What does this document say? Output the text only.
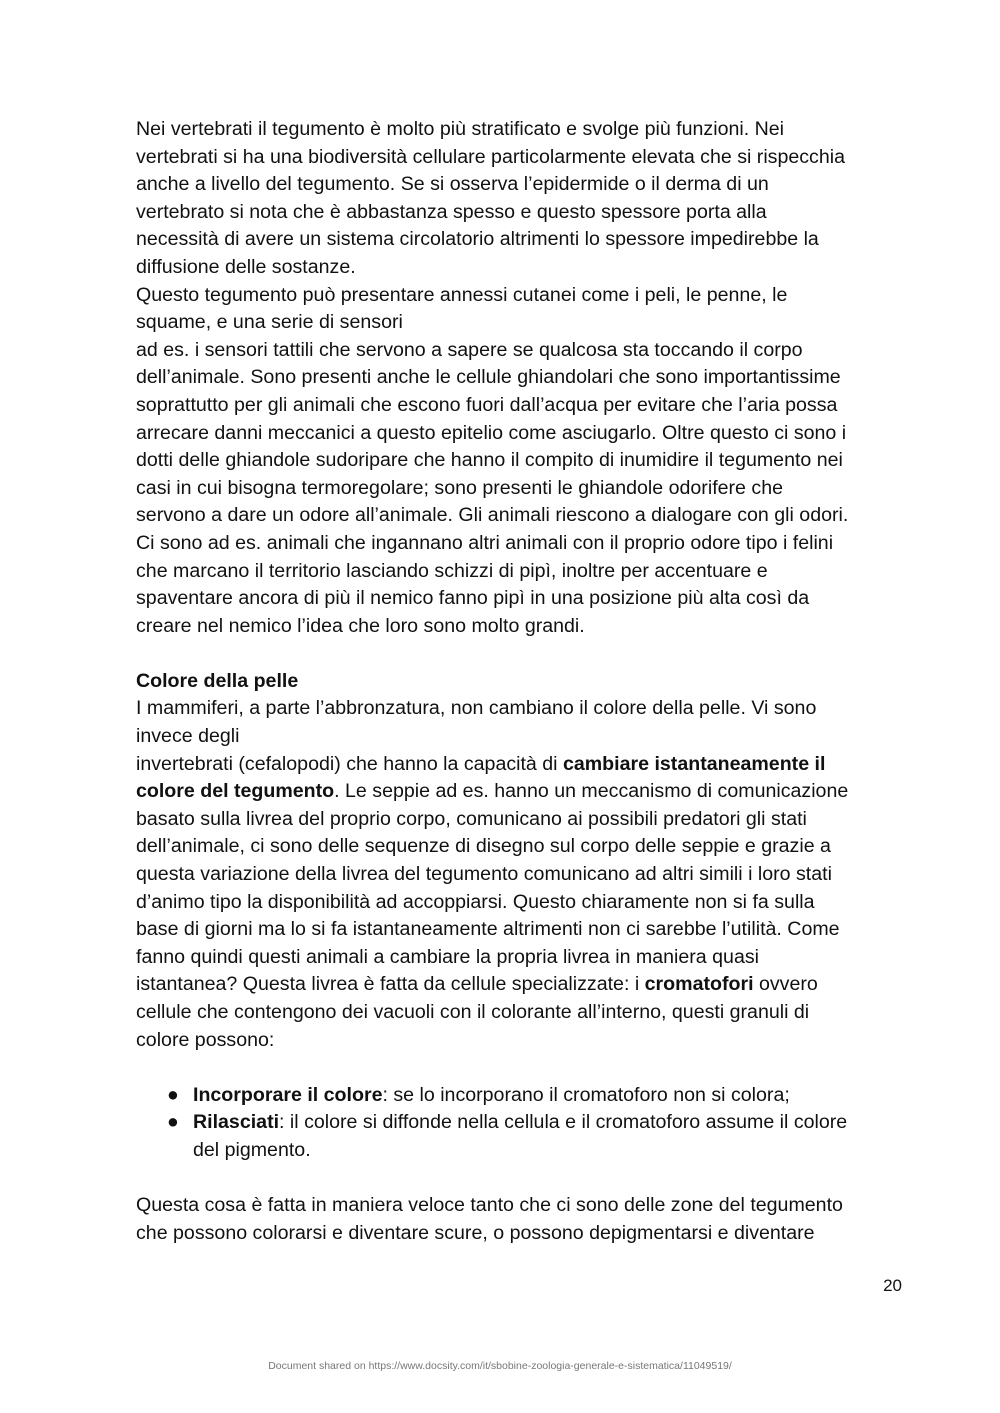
Nei vertebrati il tegumento è molto più stratificato e svolge più funzioni. Nei
vertebrati si ha una biodiversità cellulare particolarmente elevata che si rispecchia
anche a livello del tegumento. Se si osserva l’epidermide o il derma di un
vertebrato si nota che è abbastanza spesso e questo spessore porta alla
necessità di avere un sistema circolatorio altrimenti lo spessore impedirebbe la
diffusione delle sostanze.

Questo tegumento può presentare annessi cutanei come i peli, le penne, le
squame, e una serie di sensori
ad es. i sensori tattili che servono a sapere se qualcosa sta toccando il corpo
dell’animale. Sono presenti anche le cellule ghiandolari che sono importantissime
soprattutto per gli animali che escono fuori dall’acqua per evitare che l’aria possa
arrecare danni meccanici a questo epitelio come asciugarlo. Oltre questo ci sono i
dotti delle ghiandole sudoripare che hanno il compito di inumidire il tegumento nei
casi in cui bisogna termoregolare; sono presenti le ghiandole odorifere che
servono a dare un odore all’animale. Gli animali riescono a dialogare con gli odori.
Ci sono ad es. animali che ingannano altri animali con il proprio odore tipo i felini
che marcano il territorio lasciando schizzi di pipì, inoltre per accentuare e
spaventare ancora di più il nemico fanno pipì in una posizione più alta così da
creare nel nemico l’idea che loro sono molto grandi.

Colore della pelle

I mammiferi, a parte l’abbronzatura, non cambiano il colore della pelle. Vi sono
invece degli
invertebrati (cefalopodi) che hanno la capacità di cambiare istantaneamente il
colore del tegumento. Le seppie ad es. hanno un meccanismo di comunicazione
basato sulla livrea del proprio corpo, comunicano ai possibili predatori gli stati
dell’animale, ci sono delle sequenze di disegno sul corpo delle seppie e grazie a
questa variazione della livrea del tegumento comunicano ad altri simili i loro stati
d’animo tipo la disponibilità ad accoppiarsi. Questo chiaramente non si fa sulla
base di giorni ma lo si fa istantaneamente altrimenti non ci sarebbe l’utilità. Come
fanno quindi questi animali a cambiare la propria livrea in maniera quasi
istantanea? Questa livrea è fatta da cellule specializzate: i cromatofori ovvero
cellule che contengono dei vacuoli con il colorante all’interno, questi granuli di
colore possono:

● Incorporare il colore: se lo incorporano il cromatoforo non si colora;
● Rilasciati: il colore si diffonde nella cellula e il cromatoforo assume il colore
del pigmento.

Questa cosa è fatta in maniera veloce tanto che ci sono delle zone del tegumento
che possono colorarsi e diventare scure, o possono depigmentarsi e diventare

20
Document shared on https://www.docsity.com/it/sbobine-zoologia-generale-e-sistematica/11049519/
